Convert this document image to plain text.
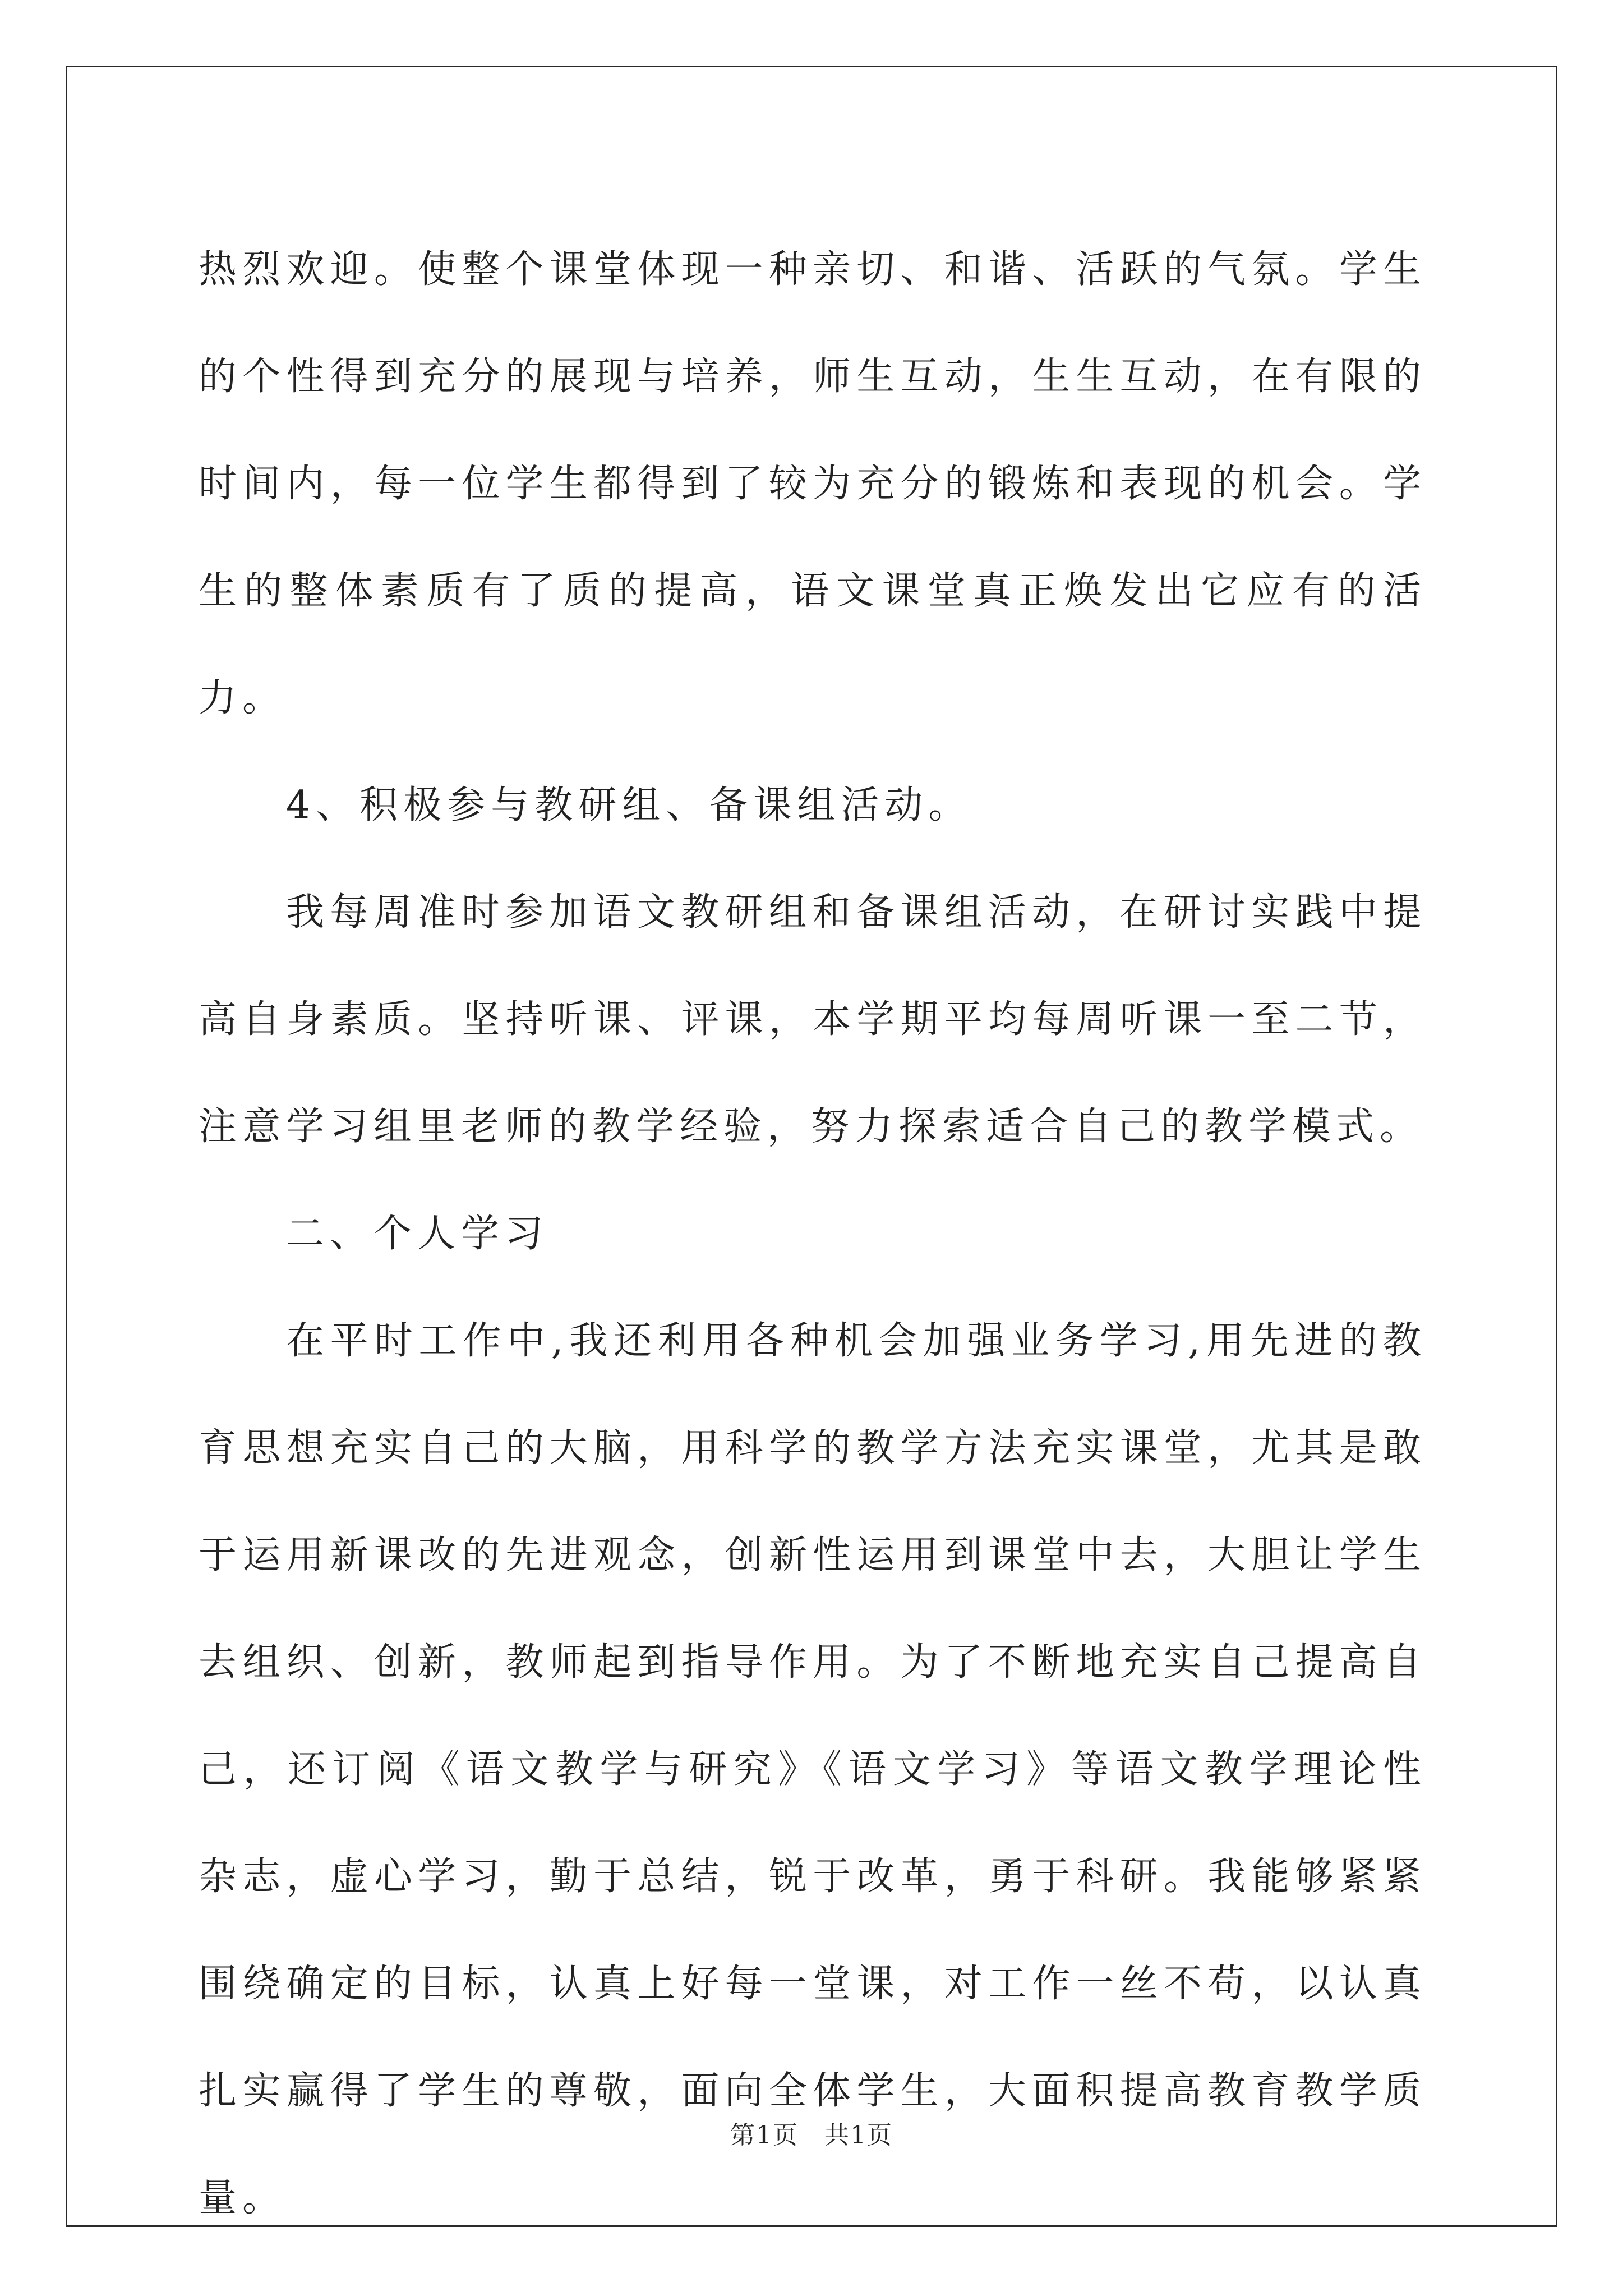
热烈欢迎。使整个课堂体现一种亲切、和谐、活跃的气氛。学生的个性得到充分的展现与培养，师生互动，生生互动，在有限的时间内，每一位学生都得到了较为充分的锻炼和表现的机会。学生的整体素质有了质的提高，语文课堂真正焕发出它应有的活力。

4、积极参与教研组、备课组活动。

我每周准时参加语文教研组和备课组活动，在研讨实践中提高自身素质。坚持听课、评课，本学期平均每周听课一至二节，注意学习组里老师的教学经验，努力探索适合自己的教学模式。

二、个人学习

在平时工作中,我还利用各种机会加强业务学习,用先进的教育思想充实自己的大脑，用科学的教学方法充实课堂，尤其是敢于运用新课改的先进观念，创新性运用到课堂中去，大胆让学生去组织、创新，教师起到指导作用。为了不断地充实自己提高自己，还订阅《语文教学与研究》《语文学习》等语文教学理论性杂志，虚心学习，勤于总结，锐于改革，勇于科研。我能够紧紧围绕确定的目标，认真上好每一堂课，对工作一丝不苟，以认真扎实赢得了学生的尊敬，面向全体学生，大面积提高教育教学质量。

第1页　共1页
